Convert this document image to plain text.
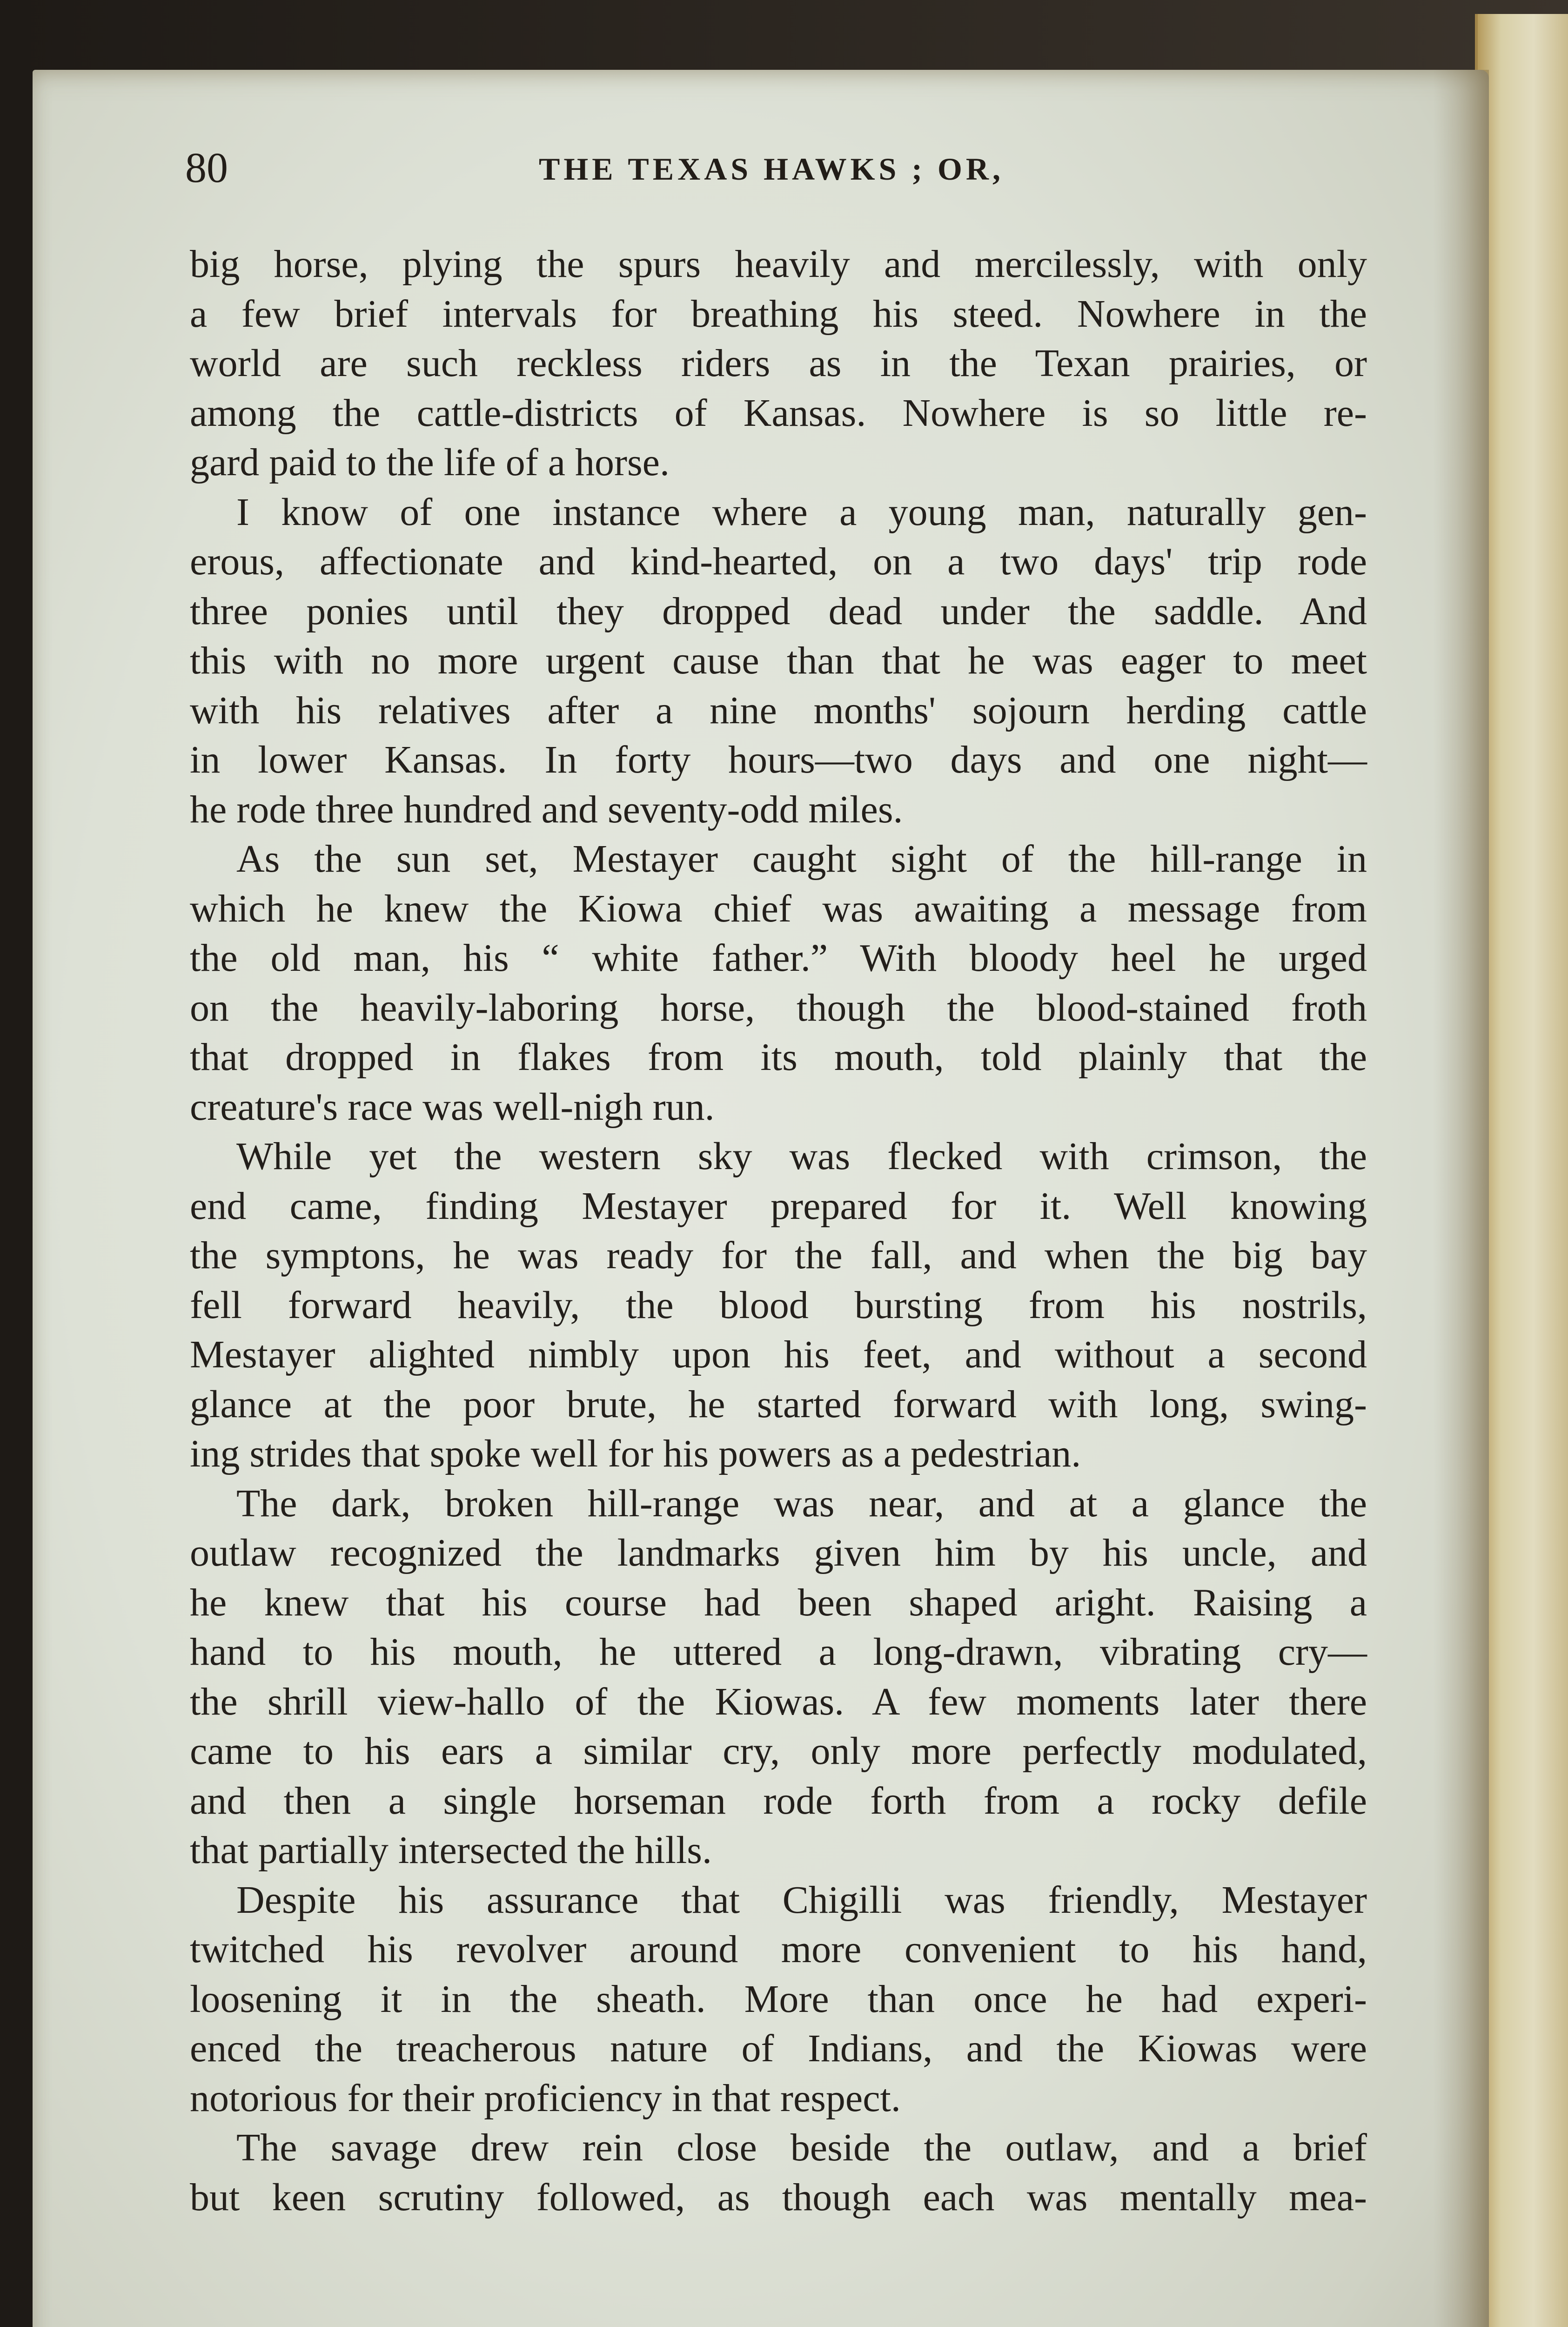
80	THE TEXAS HAWKS ; OR,
big horse, plying the spurs heavily and mercilessly, with only
a few brief intervals for breathing his steed. Nowhere in the
world are such reckless riders as in the Texan prairies, or
among the cattle-districts of Kansas. Nowhere is so little re-
gard paid to the life of a horse.
I know of one instance where a young man, naturally gen-
erous, affectionate and kind-hearted, on a two days' trip rode
three ponies until they dropped dead under the saddle. And
this with no more urgent cause than that he was eager to meet
with his relatives after a nine months' sojourn herding cattle
in lower Kansas. In forty hours—two days and one night—
he rode three hundred and seventy-odd miles.
As the sun set, Mestayer caught sight of the hill-range in
which he knew the Kiowa chief was awaiting a message from
the old man, his “ white father.” With bloody heel he urged
on the heavily-laboring horse, though the blood-stained froth
that dropped in flakes from its mouth, told plainly that the
creature's race was well-nigh run.
While yet the western sky was flecked with crimson, the
end came, finding Mestayer prepared for it. Well knowing
the symptons, he was ready for the fall, and when the big bay
fell forward heavily, the blood bursting from his nostrils,
Mestayer alighted nimbly upon his feet, and without a second
glance at the poor brute, he started forward with long, swing-
ing strides that spoke well for his powers as a pedestrian.
The dark, broken hill-range was near, and at a glance the
outlaw recognized the landmarks given him by his uncle, and
he knew that his course had been shaped aright. Raising a
hand to his mouth, he uttered a long-drawn, vibrating cry—
the shrill view-hallo of the Kiowas. A few moments later there
came to his ears a similar cry, only more perfectly modulated,
and then a single horseman rode forth from a rocky defile
that partially intersected the hills.
Despite his assurance that Chigilli was friendly, Mestayer
twitched his revolver around more convenient to his hand,
loosening it in the sheath. More than once he had experi-
enced the treacherous nature of Indians, and the Kiowas were
notorious for their proficiency in that respect.
The savage drew rein close beside the outlaw, and a brief
but keen scrutiny followed, as though each was mentally mea-
